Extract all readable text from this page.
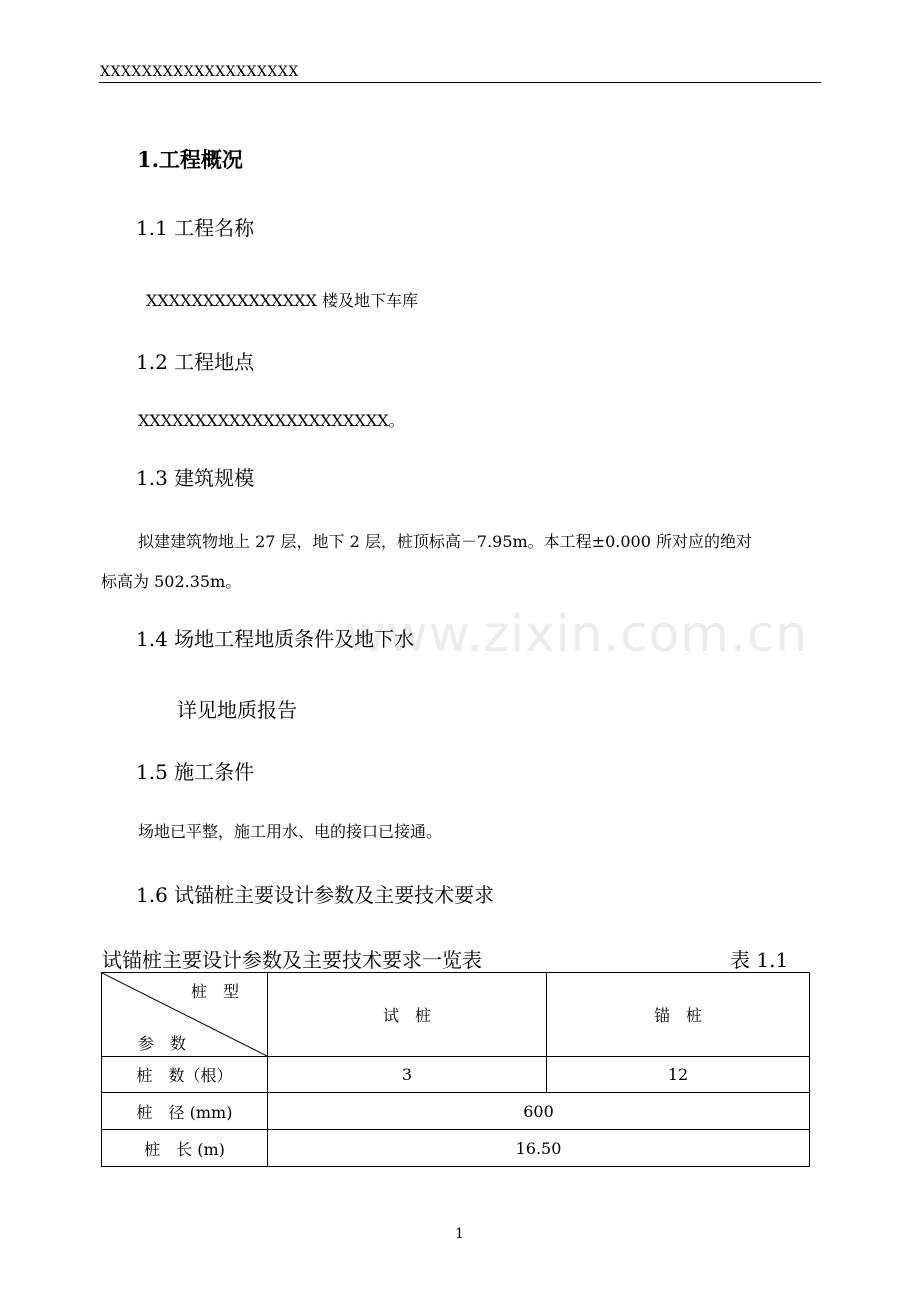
XXXXXXXXXXXXXXXXXXX
1.工程概况
1.1 工程名称
XXXXXXXXXXXXXXX 楼及地下车库
1.2 工程地点
XXXXXXXXXXXXXXXXXXXXXX。
1.3 建筑规模
拟建建筑物地上 27 层，地下 2 层，桩顶标高－7.95m。本工程±0.000 所对应的绝对
标高为 502.35m。
www.zixin.com.cn
1.4 场地工程地质条件及地下水
详见地质报告
1.5 施工条件
场地已平整，施工用水、电的接口已接通。
1.6 试锚桩主要设计参数及主要技术要求
试锚桩主要设计参数及主要技术要求一览表	表 1.1
桩　型
参　数	试　桩	锚　桩
桩　数（根）	3	12
桩　径 (mm)	600	
桩　长 (m)	16.50	
1
